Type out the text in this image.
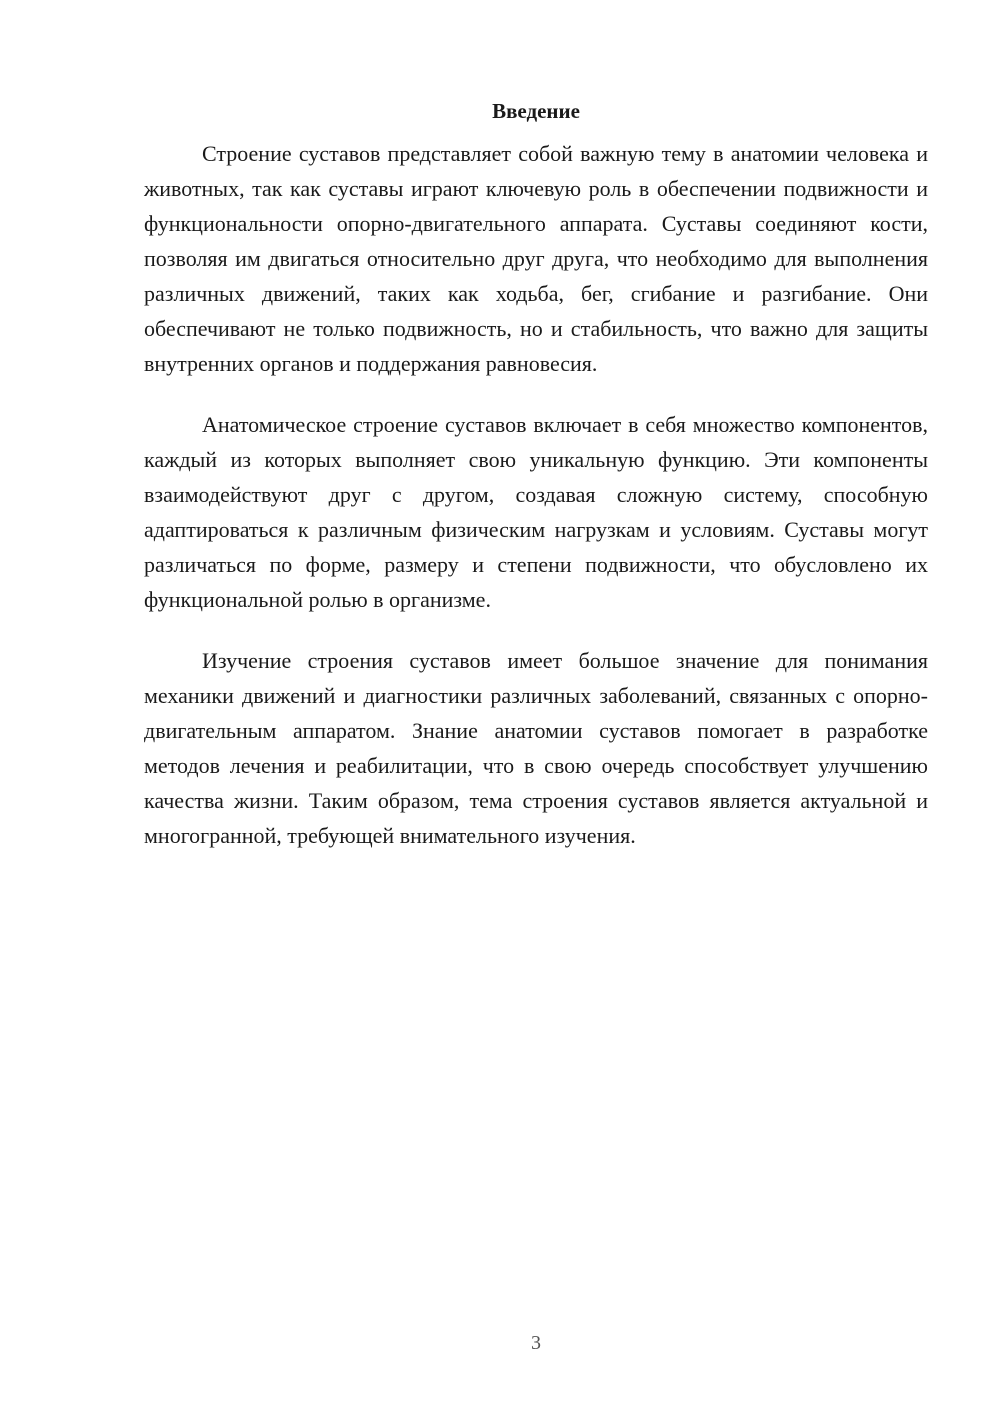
Введение

Строение суставов представляет собой важную тему в анатомии человека и животных, так как суставы играют ключевую роль в обеспечении подвижности и функциональности опорно-двигательного аппарата. Суставы соединяют кости, позволяя им двигаться относительно друг друга, что необходимо для выполнения различных движений, таких как ходьба, бег, сгибание и разгибание. Они обеспечивают не только подвижность, но и стабильность, что важно для защиты внутренних органов и поддержания равновесия.

Анатомическое строение суставов включает в себя множество компонентов, каждый из которых выполняет свою уникальную функцию. Эти компоненты взаимодействуют друг с другом, создавая сложную систему, способную адаптироваться к различным физическим нагрузкам и условиям. Суставы могут различаться по форме, размеру и степени подвижности, что обусловлено их функциональной ролью в организме.

Изучение строения суставов имеет большое значение для понимания механики движений и диагностики различных заболеваний, связанных с опорно-двигательным аппаратом. Знание анатомии суставов помогает в разработке методов лечения и реабилитации, что в свою очередь способствует улучшению качества жизни. Таким образом, тема строения суставов является актуальной и многогранной, требующей внимательного изучения.

3
